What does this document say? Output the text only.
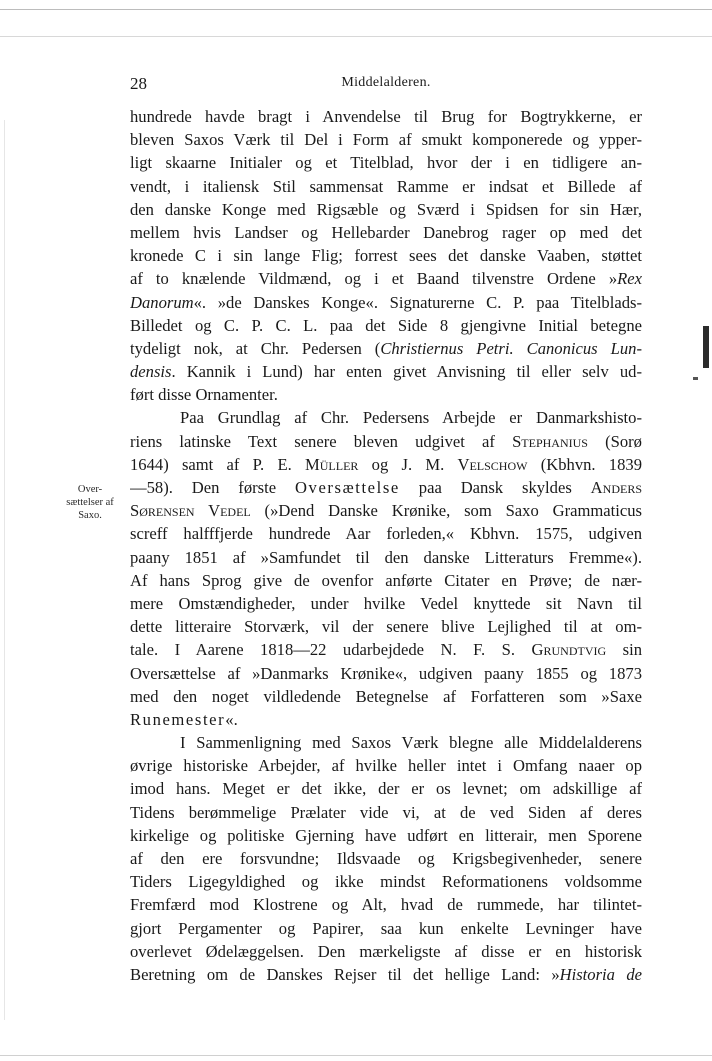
28	Middelalderen.
Over-
sættelser af
Saxo.
hundrede havde bragt i Anvendelse til Brug for Bogtrykkerne, er
bleven Saxos Værk til Del i Form af smukt komponerede og ypper-
ligt skaarne Initialer og et Titelblad, hvor der i en tidligere an-
vendt, i italiensk Stil sammensat Ramme er indsat et Billede af
den danske Konge med Rigsæble og Sværd i Spidsen for sin Hær,
mellem hvis Landser og Hellebarder Danebrog rager op med det
kronede C i sin lange Flig; forrest sees det danske Vaaben, støttet
af to knælende Vildmænd, og i et Baand tilvenstre Ordene »Rex
Danorum«. »de Danskes Konge«. Signaturerne C. P. paa Titelblads-
Billedet og C. P. C. L. paa det Side 8 gjengivne Initial betegne
tydeligt nok, at Chr. Pedersen (Christiernus Petri. Canonicus Lun-
densis. Kannik i Lund) har enten givet Anvisning til eller selv ud-
ført disse Ornamenter.
Paa Grundlag af Chr. Pedersens Arbejde er Danmarkshisto-
riens latinske Text senere bleven udgivet af Stephanius (Sorø
1644) samt af P. E. Müller og J. M. Velschow (Kbhvn. 1839
—58). Den første Oversættelse paa Dansk skyldes Anders
Sørensen Vedel (»Dend Danske Krønike, som Saxo Grammaticus
screff halfffjerde hundrede Aar forleden,« Kbhvn. 1575, udgiven
paany 1851 af »Samfundet til den danske Litteraturs Fremme«).
Af hans Sprog give de ovenfor anførte Citater en Prøve; de nær-
mere Omstændigheder, under hvilke Vedel knyttede sit Navn til
dette litteraire Storværk, vil der senere blive Lejlighed til at om-
tale. I Aarene 1818—22 udarbejdede N. F. S. Grundtvig sin
Oversættelse af »Danmarks Krønike«, udgiven paany 1855 og 1873
med den noget vildledende Betegnelse af Forfatteren som »Saxe
Runemester«.
I Sammenligning med Saxos Værk blegne alle Middelalderens
øvrige historiske Arbejder, af hvilke heller intet i Omfang naaer op
imod hans. Meget er det ikke, der er os levnet; om adskillige af
Tidens berømmelige Prælater vide vi, at de ved Siden af deres
kirkelige og politiske Gjerning have udført en litterair, men Sporene
af den ere forsvundne; Ildsvaade og Krigsbegivenheder, senere
Tiders Ligegyldighed og ikke mindst Reformationens voldsomme
Fremfærd mod Klostrene og Alt, hvad de rummede, har tilintet-
gjort Pergamenter og Papirer, saa kun enkelte Levninger have
overlevet Ødelæggelsen. Den mærkeligste af disse er en historisk
Beretning om de Danskes Rejser til det hellige Land: »Historia de
